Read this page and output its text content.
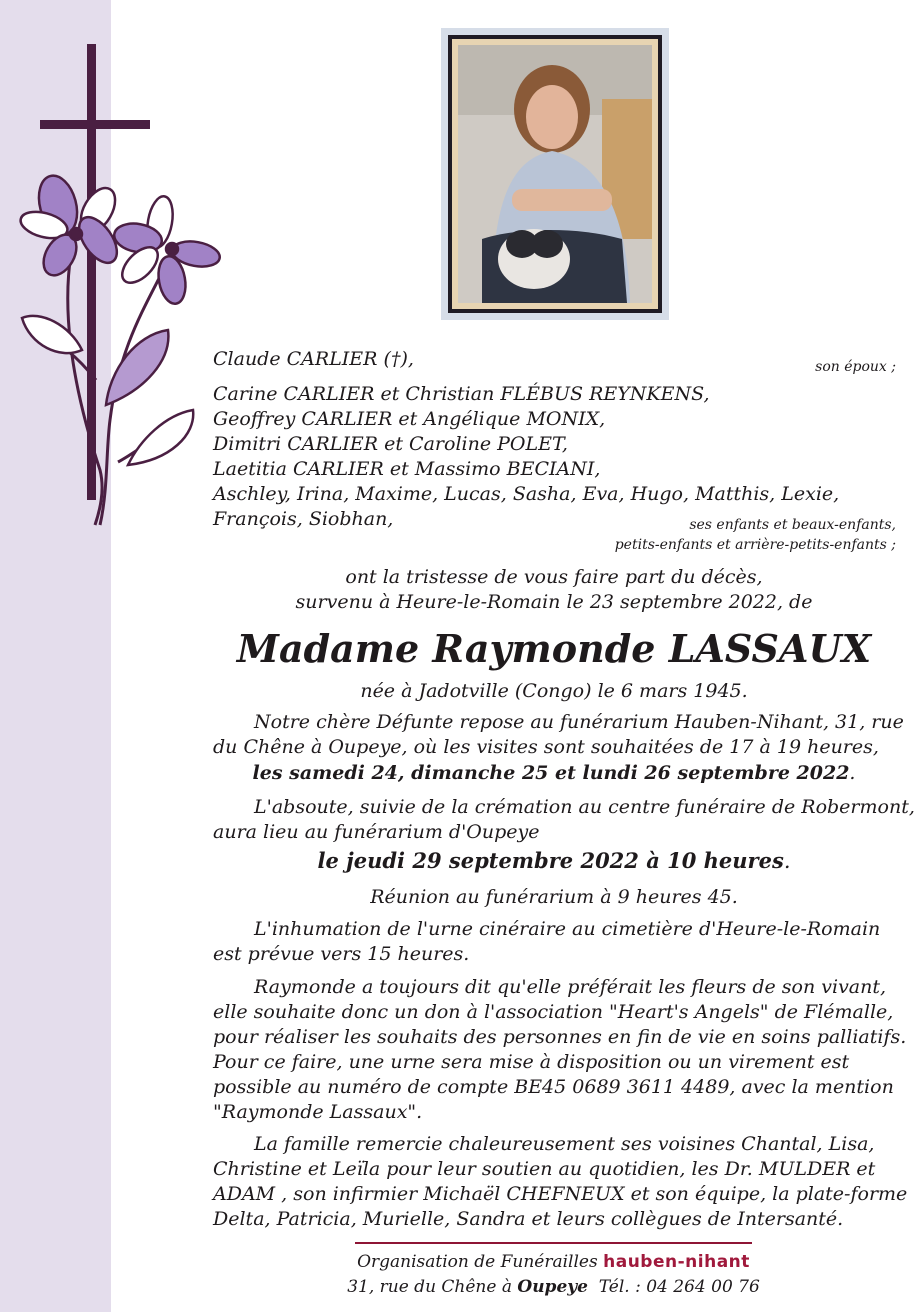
Claude CARLIER (†),	son époux ;
Carine CARLIER et Christian FLÉBUS REYNKENS,
Geoffrey CARLIER et Angélique MONIX,
Dimitri CARLIER et Caroline POLET,
Laetitia CARLIER et Massimo BECIANI,
Aschley, Irina, Maxime, Lucas, Sasha, Eva, Hugo, Matthis, Lexie,
François, Siobhan,	ses enfants et beaux-enfants,
petits-enfants et arrière-petits-enfants ;
ont la tristesse de vous faire part du décès,
survenu à Heure-le-Romain le 23 septembre 2022, de
Madame Raymonde LASSAUX
née à Jadotville (Congo) le 6 mars 1945.
Notre chère Défunte repose au funérarium Hauben-Nihant, 31, rue
du Chêne à Oupeye, où les visites sont souhaitées de 17 à 19 heures,
les samedi 24, dimanche 25 et lundi 26 septembre 2022.
L'absoute, suivie de la crémation au centre funéraire de Robermont,
aura lieu au funérarium d'Oupeye
le jeudi 29 septembre 2022 à 10 heures.
Réunion au funérarium à 9 heures 45.
L'inhumation de l'urne cinéraire au cimetière d'Heure-le-Romain
est prévue vers 15 heures.
Raymonde a toujours dit qu'elle préférait les fleurs de son vivant,
elle souhaite donc un don à l'association "Heart's Angels" de Flémalle,
pour réaliser les souhaits des personnes en fin de vie en soins palliatifs.
Pour ce faire, une urne sera mise à disposition ou un virement est
possible au numéro de compte BE45 0689 3611 4489, avec la mention
"Raymonde Lassaux".
La famille remercie chaleureusement ses voisines Chantal, Lisa,
Christine et Leïla pour leur soutien au quotidien, les Dr. MULDER et
ADAM , son infirmier Michaël CHEFNEUX et son équipe, la plate-forme
Delta, Patricia, Murielle, Sandra et leurs collègues de Intersanté.
Organisation de Funérailles hauben-nihant
31, rue du Chêne à Oupeye Tél. : 04 264 00 76
